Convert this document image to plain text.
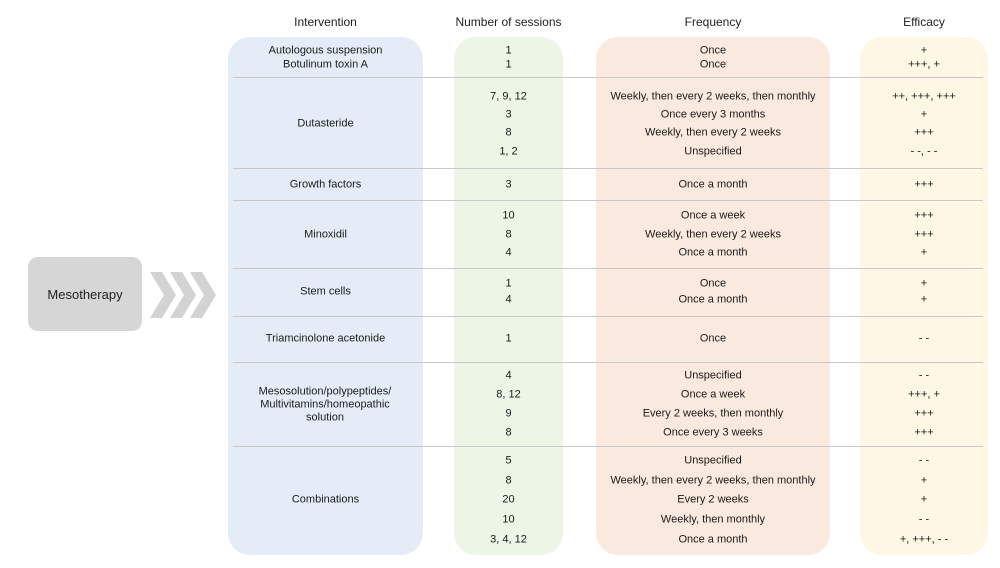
Intervention	Number of sessions	Frequency	Efficacy
Mesotherapy
Autologous suspension	1	Once	+
Botulinum toxin A	1	Once	+++, +
Dutasteride
7, 9, 12	Weekly, then every 2 weeks, then monthly	++, +++, +++
3	Once every 3 months	+
8	Weekly, then every 2 weeks	+++
1, 2	Unspecified	- -, - -
Growth factors	3	Once a month	+++
Minoxidil
10	Once a week	+++
8	Weekly, then every 2 weeks	+++
4	Once a month	+
Stem cells
1	Once	+
4	Once a month	+
Triamcinolone acetonide	1	Once	- -
Mesosolution/polypeptides/ Multivitamins/homeopathic solution
4	Unspecified	- -
8, 12	Once a week	+++, +
9	Every 2 weeks, then monthly	+++
8	Once every 3 weeks	+++
Combinations
5	Unspecified	- -
8	Weekly, then every 2 weeks, then monthly	+
20	Every 2 weeks	+
10	Weekly, then monthly	- -
3, 4, 12	Once a month	+, +++, - -
